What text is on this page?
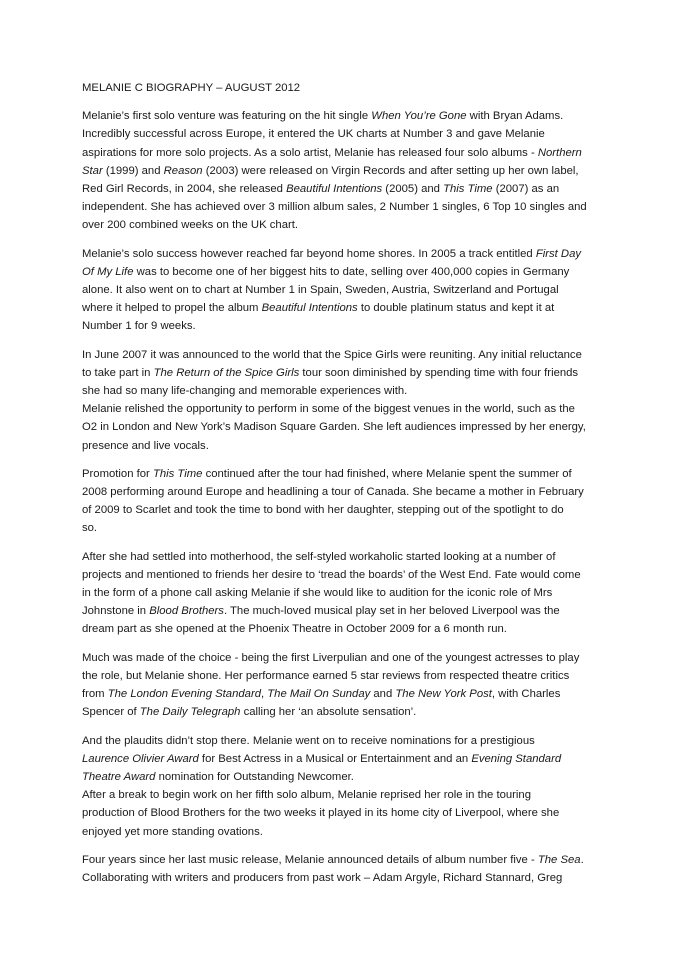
MELANIE C BIOGRAPHY – AUGUST 2012
Melanie’s first solo venture was featuring on the hit single When You’re Gone with Bryan Adams.
Incredibly successful across Europe, it entered the UK charts at Number 3 and gave Melanie
aspirations for more solo projects. As a solo artist, Melanie has released four solo albums - Northern
Star (1999) and Reason (2003) were released on Virgin Records and after setting up her own label,
Red Girl Records, in 2004, she released Beautiful Intentions (2005) and This Time (2007) as an
independent. She has achieved over 3 million album sales, 2 Number 1 singles, 6 Top 10 singles and
over 200 combined weeks on the UK chart.
Melanie’s solo success however reached far beyond home shores. In 2005 a track entitled First Day
Of My Life was to become one of her biggest hits to date, selling over 400,000 copies in Germany
alone. It also went on to chart at Number 1 in Spain, Sweden, Austria, Switzerland and Portugal
where it helped to propel the album Beautiful Intentions to double platinum status and kept it at
Number 1 for 9 weeks.
In June 2007 it was announced to the world that the Spice Girls were reuniting. Any initial reluctance
to take part in The Return of the Spice Girls tour soon diminished by spending time with four friends
she had so many life-changing and memorable experiences with.
Melanie relished the opportunity to perform in some of the biggest venues in the world, such as the
O2 in London and New York’s Madison Square Garden. She left audiences impressed by her energy,
presence and live vocals.
Promotion for This Time continued after the tour had finished, where Melanie spent the summer of
2008 performing around Europe and headlining a tour of Canada. She became a mother in February
of 2009 to Scarlet and took the time to bond with her daughter, stepping out of the spotlight to do
so.
After she had settled into motherhood, the self-styled workaholic started looking at a number of
projects and mentioned to friends her desire to ‘tread the boards’ of the West End. Fate would come
in the form of a phone call asking Melanie if she would like to audition for the iconic role of Mrs
Johnstone in Blood Brothers. The much-loved musical play set in her beloved Liverpool was the
dream part as she opened at the Phoenix Theatre in October 2009 for a 6 month run.
Much was made of the choice - being the first Liverpulian and one of the youngest actresses to play
the role, but Melanie shone. Her performance earned 5 star reviews from respected theatre critics
from The London Evening Standard, The Mail On Sunday and The New York Post, with Charles
Spencer of The Daily Telegraph calling her ‘an absolute sensation’.
And the plaudits didn’t stop there. Melanie went on to receive nominations for a prestigious
Laurence Olivier Award for Best Actress in a Musical or Entertainment and an Evening Standard
Theatre Award nomination for Outstanding Newcomer.
After a break to begin work on her fifth solo album, Melanie reprised her role in the touring
production of Blood Brothers for the two weeks it played in its home city of Liverpool, where she
enjoyed yet more standing ovations.
Four years since her last music release, Melanie announced details of album number five - The Sea.
Collaborating with writers and producers from past work – Adam Argyle, Richard Stannard, Greg
